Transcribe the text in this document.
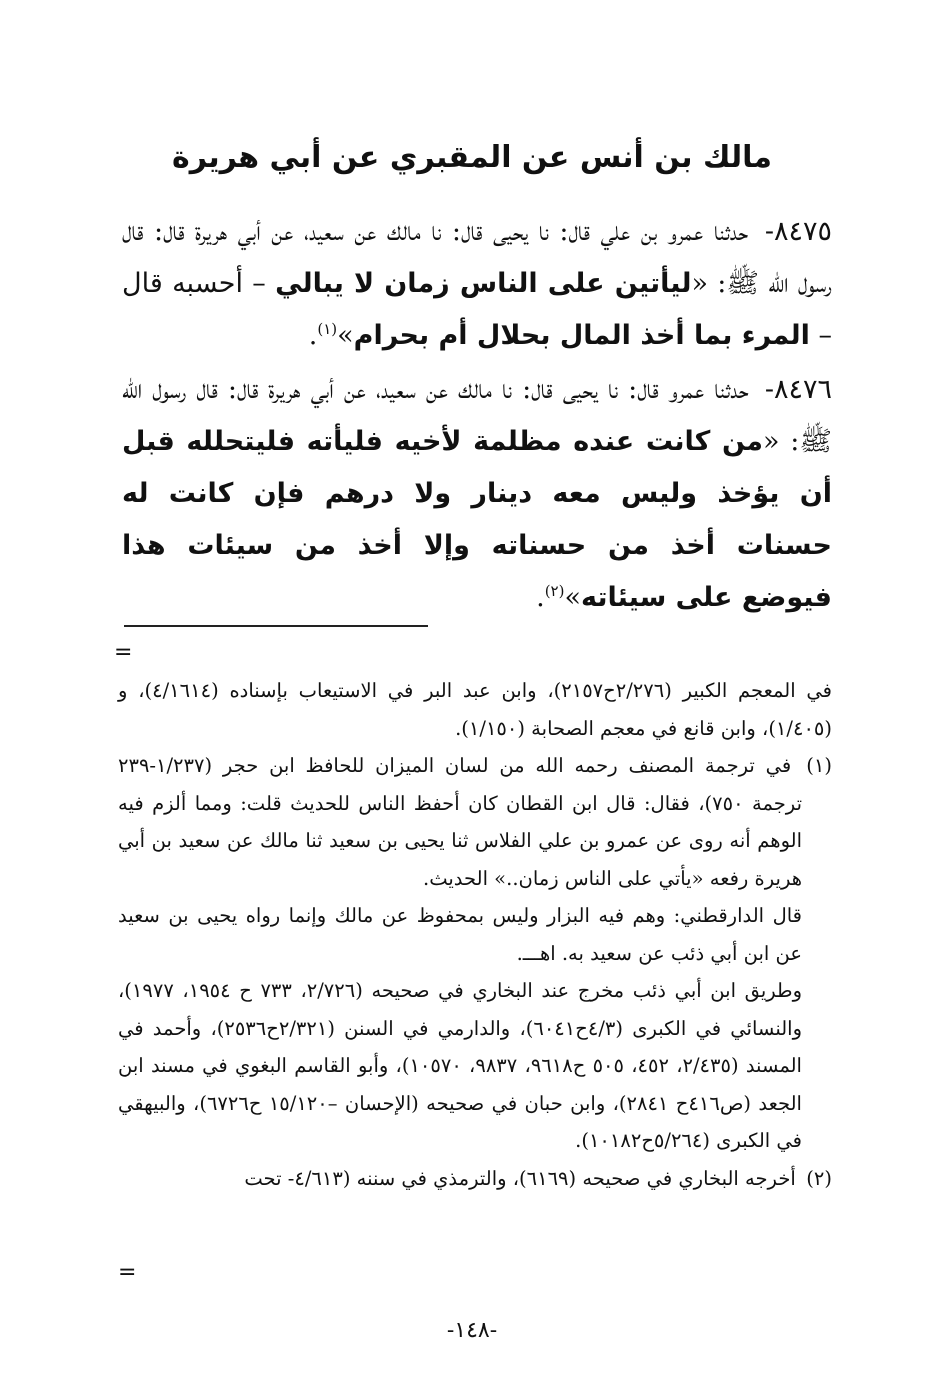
مالك بن أنس عن المقبري عن أبي هريرة

٨٤٧٥- حدثنا عمرو بن علي قال: نا يحيى قال: نا مالك عن سعيد، عن أبي هريرة قال: قال رسول الله ﷺ: «ليأتين على الناس زمان لا يبالي – أحسبه قال – المرء بما أخذ المال بحلال أم بحرام»$^{(١)}$.

٨٤٧٦- حدثنا عمرو قال: نا يحيى قال: نا مالك عن سعيد، عن أبي هريرة قال: قال رسول الله ﷺ: «من كانت عنده مظلمة لأخيه فليأته فليتحلله قبل أن يؤخذ وليس معه دينار ولا درهم فإن كانت له حسنات أخذ من حسناته وإلا أخذ من سيئات هذا فيوضع على سيئاته»$^{(٢)}$.

=

في المعجم الكبير (٢/٢٧٦ح٢١٥٧)، وابن عبد البر في الاستيعاب بإسناده (٤/١٦١٤)، و (١/٤٠٥)، وابن قانع في معجم الصحابة (١/١٥٠).

(١) في ترجمة المصنف رحمه الله من لسان الميزان للحافظ ابن حجر (١/٢٣٧-٢٣٩ ترجمة ٧٥٠)، فقال: قال ابن القطان كان أحفظ الناس للحديث قلت: ومما ألزم فيه الوهم أنه روى عن عمرو بن علي الفلاس ثنا يحيى بن سعيد ثنا مالك عن سعيد بن أبي هريرة رفعه «يأتي على الناس زمان..» الحديث.

قال الدارقطني: وهم فيه البزار وليس بمحفوظ عن مالك وإنما رواه يحيى بن سعيد عن ابن أبي ذئب عن سعيد به. اهـــ.

وطريق ابن أبي ذئب مخرج عند البخاري في صحيحه (٢/٧٢٦، ٧٣٣ ح ١٩٥٤، ١٩٧٧)، والنسائي في الكبرى (٤/٣ح٦٠٤١)، والدارمي في السنن (٢/٣٢١ح٢٥٣٦)، وأحمد في المسند (٢/٤٣٥، ٤٥٢، ٥٠٥ ح٩٦١٨، ٩٨٣٧، ١٠٥٧٠)، وأبو القاسم البغوي في مسند ابن الجعد (ص٤١٦ح ٢٨٤١)، وابن حبان في صحيحه (الإحسان –١٥/١٢٠ ح٦٧٢٦)، والبيهقي في الكبرى (٥/٢٦٤ح١٠١٨٢).

(٢) أخرجه البخاري في صحيحه (٦١٦٩)، والترمذي في سننه (٤/٦١٣- تحت

=
-١٤٨-
